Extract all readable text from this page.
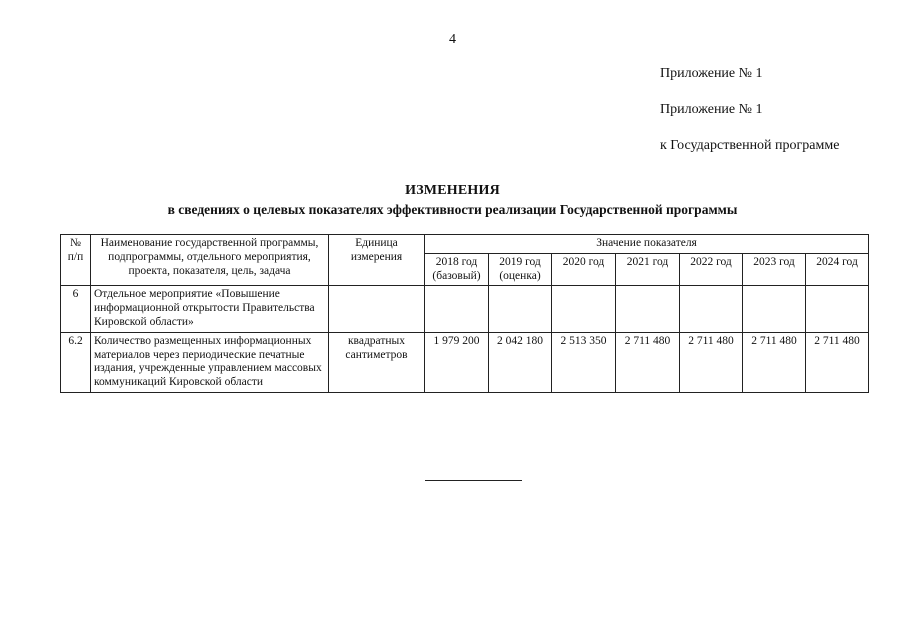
4
Приложение № 1
Приложение № 1
к Государственной программе
ИЗМЕНЕНИЯ
в сведениях о целевых показателях эффективности реализации Государственной программы
№ п/п	Наименование государственной программы, подпрограммы, отдельного мероприятия, проекта, показателя, цель, задача	Единица измерения	Значение показателя						
			2018 год (базовый)	2019 год (оценка)	2020 год	2021 год	2022 год	2023 год	2024 год
6	Отдельное мероприятие «Повышение информационной открытости Правительства Кировской области»								
6.2	Количество размещенных информационных материалов через периодические печатные издания, учрежденные управлением массовых коммуникаций Кировской области	квадратных сантиметров	1 979 200	2 042 180	2 513 350	2 711 480	2 711 480	2 711 480	2 711 480
